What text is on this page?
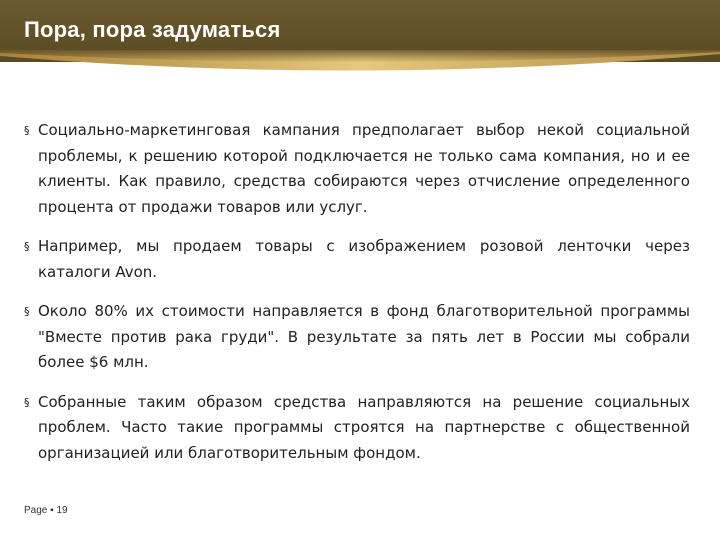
Пора, пора задуматься
§ Социально-маркетинговая кампания предполагает выбор некой социальной проблемы, к решению которой подключается не только сама компания, но и ее клиенты. Как правило, средства собираются через отчисление определенного процента от продажи товаров или услуг.
§ Например, мы продаем товары с изображением розовой ленточки через каталоги Avon.
§ Около 80% их стоимости направляется в фонд благотворительной программы "Вместе против рака груди". В результате за пять лет в России мы собрали более $6 млн.
§ Собранные таким образом средства направляются на решение социальных проблем. Часто такие программы строятся на партнерстве с общественной организацией или благотворительным фондом.
Page ▪ 19
